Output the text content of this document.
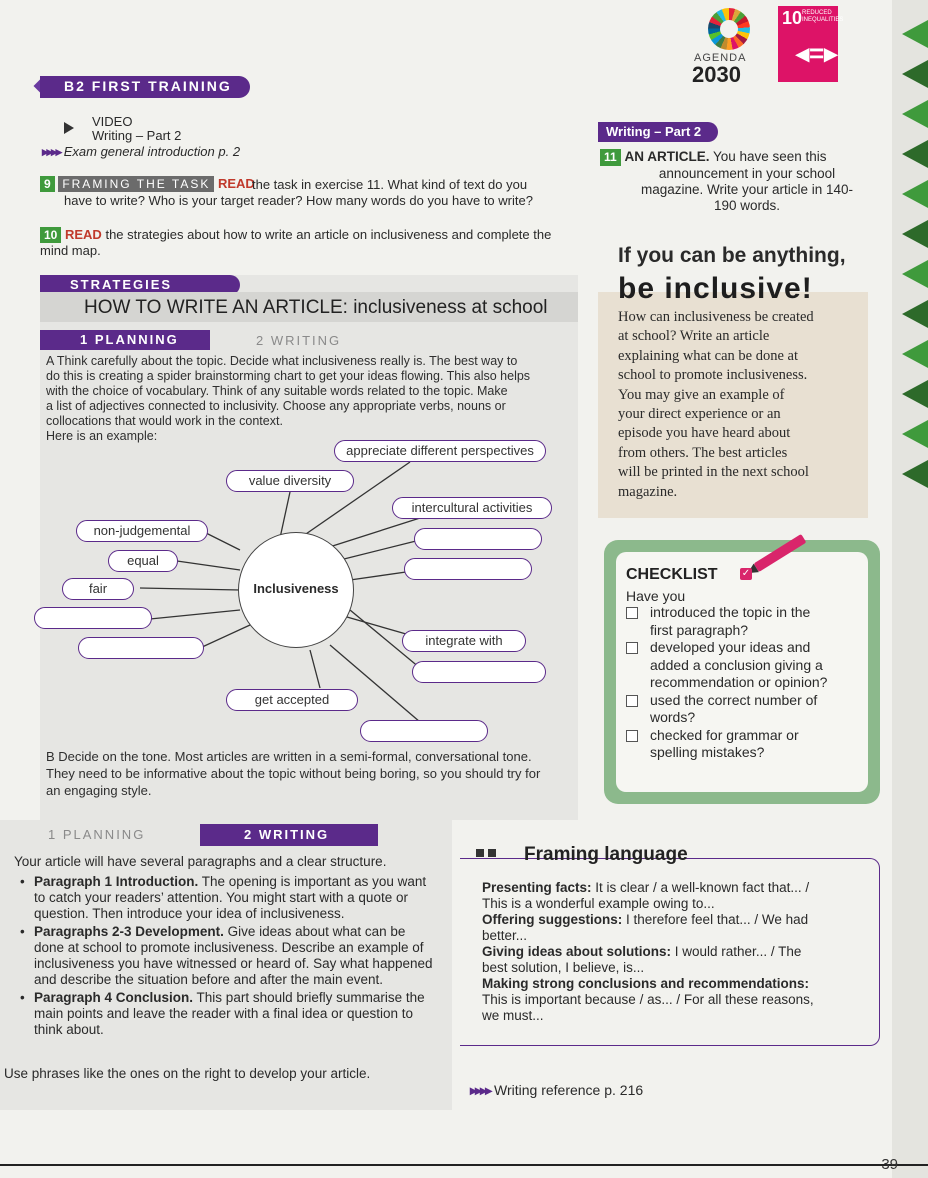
B2 FIRST TRAINING
AGENDA
2030
10 REDUCED INEQUALITIES
◂=▸
VIDEO
Writing – Part 2
▸▸▸▸ Exam general introduction p. 2
9 FRAMING THE TASK READ
the task in exercise 11. What kind of text do you
have to write? Who is your target reader? How many words do you have to write?
10 READ the strategies about how to write an article on inclusiveness and complete the mind map.
STRATEGIES
HOW TO WRITE AN ARTICLE: inclusiveness at school
1 PLANNING	2 WRITING
A Think carefully about the topic. Decide what inclusiveness really is. The best way to
do this is creating a spider brainstorming chart to get your ideas flowing. This also helps
with the choice of vocabulary. Think of any suitable words related to the topic. Make
a list of adjectives connected to inclusivity. Choose any appropriate verbs, nouns or
collocations that would work in the context.
Here is an example:
Inclusiveness
appreciate different perspectives
value diversity
intercultural activities
non-judgemental
equal
fair
integrate with
get accepted
B Decide on the tone. Most articles are written in a semi-formal, conversational tone.
They need to be informative about the topic without being boring, so you should try for
an engaging style.
Writing – Part 2
11 AN ARTICLE. You have seen this
announcement in your school
magazine. Write your article in 140-
190 words.
If you can be anything,
be inclusive!
How can inclusiveness be created
at school? Write an article
explaining what can be done at
school to promote inclusiveness.
You may give an example of
your direct experience or an
episode you have heard about
from others. The best articles
will be printed in the next school
magazine.
CHECKLIST ✓
Have you
introduced the topic in the
first paragraph?
developed your ideas and
added a conclusion giving a
recommendation or opinion?
used the correct number of
words?
checked for grammar or
spelling mistakes?
1 PLANNING	2 WRITING
Your article will have several paragraphs and a clear structure.
• Paragraph 1 Introduction. The opening is important as you want
to catch your readers’ attention. You might start with a quote or
question. Then introduce your idea of inclusiveness.
• Paragraphs 2-3 Development. Give ideas about what can be
done at school to promote inclusiveness. Describe an example of
inclusiveness you have witnessed or heard of. Say what happened
and describe the situation before and after the main event.
• Paragraph 4 Conclusion. This part should briefly summarise the
main points and leave the reader with a final idea or question to
think about.
Use phrases like the ones on the right to develop your article.
Framing language
Presenting facts: It is clear / a well-known fact that... /
This is a wonderful example owing to...
Offering suggestions: I therefore feel that... / We had
better...
Giving ideas about solutions: I would rather... / The
best solution, I believe, is...
Making strong conclusions and recommendations:
This is important because / as... / For all these reasons,
we must...
▸▸▸▸ Writing reference p. 216
39
